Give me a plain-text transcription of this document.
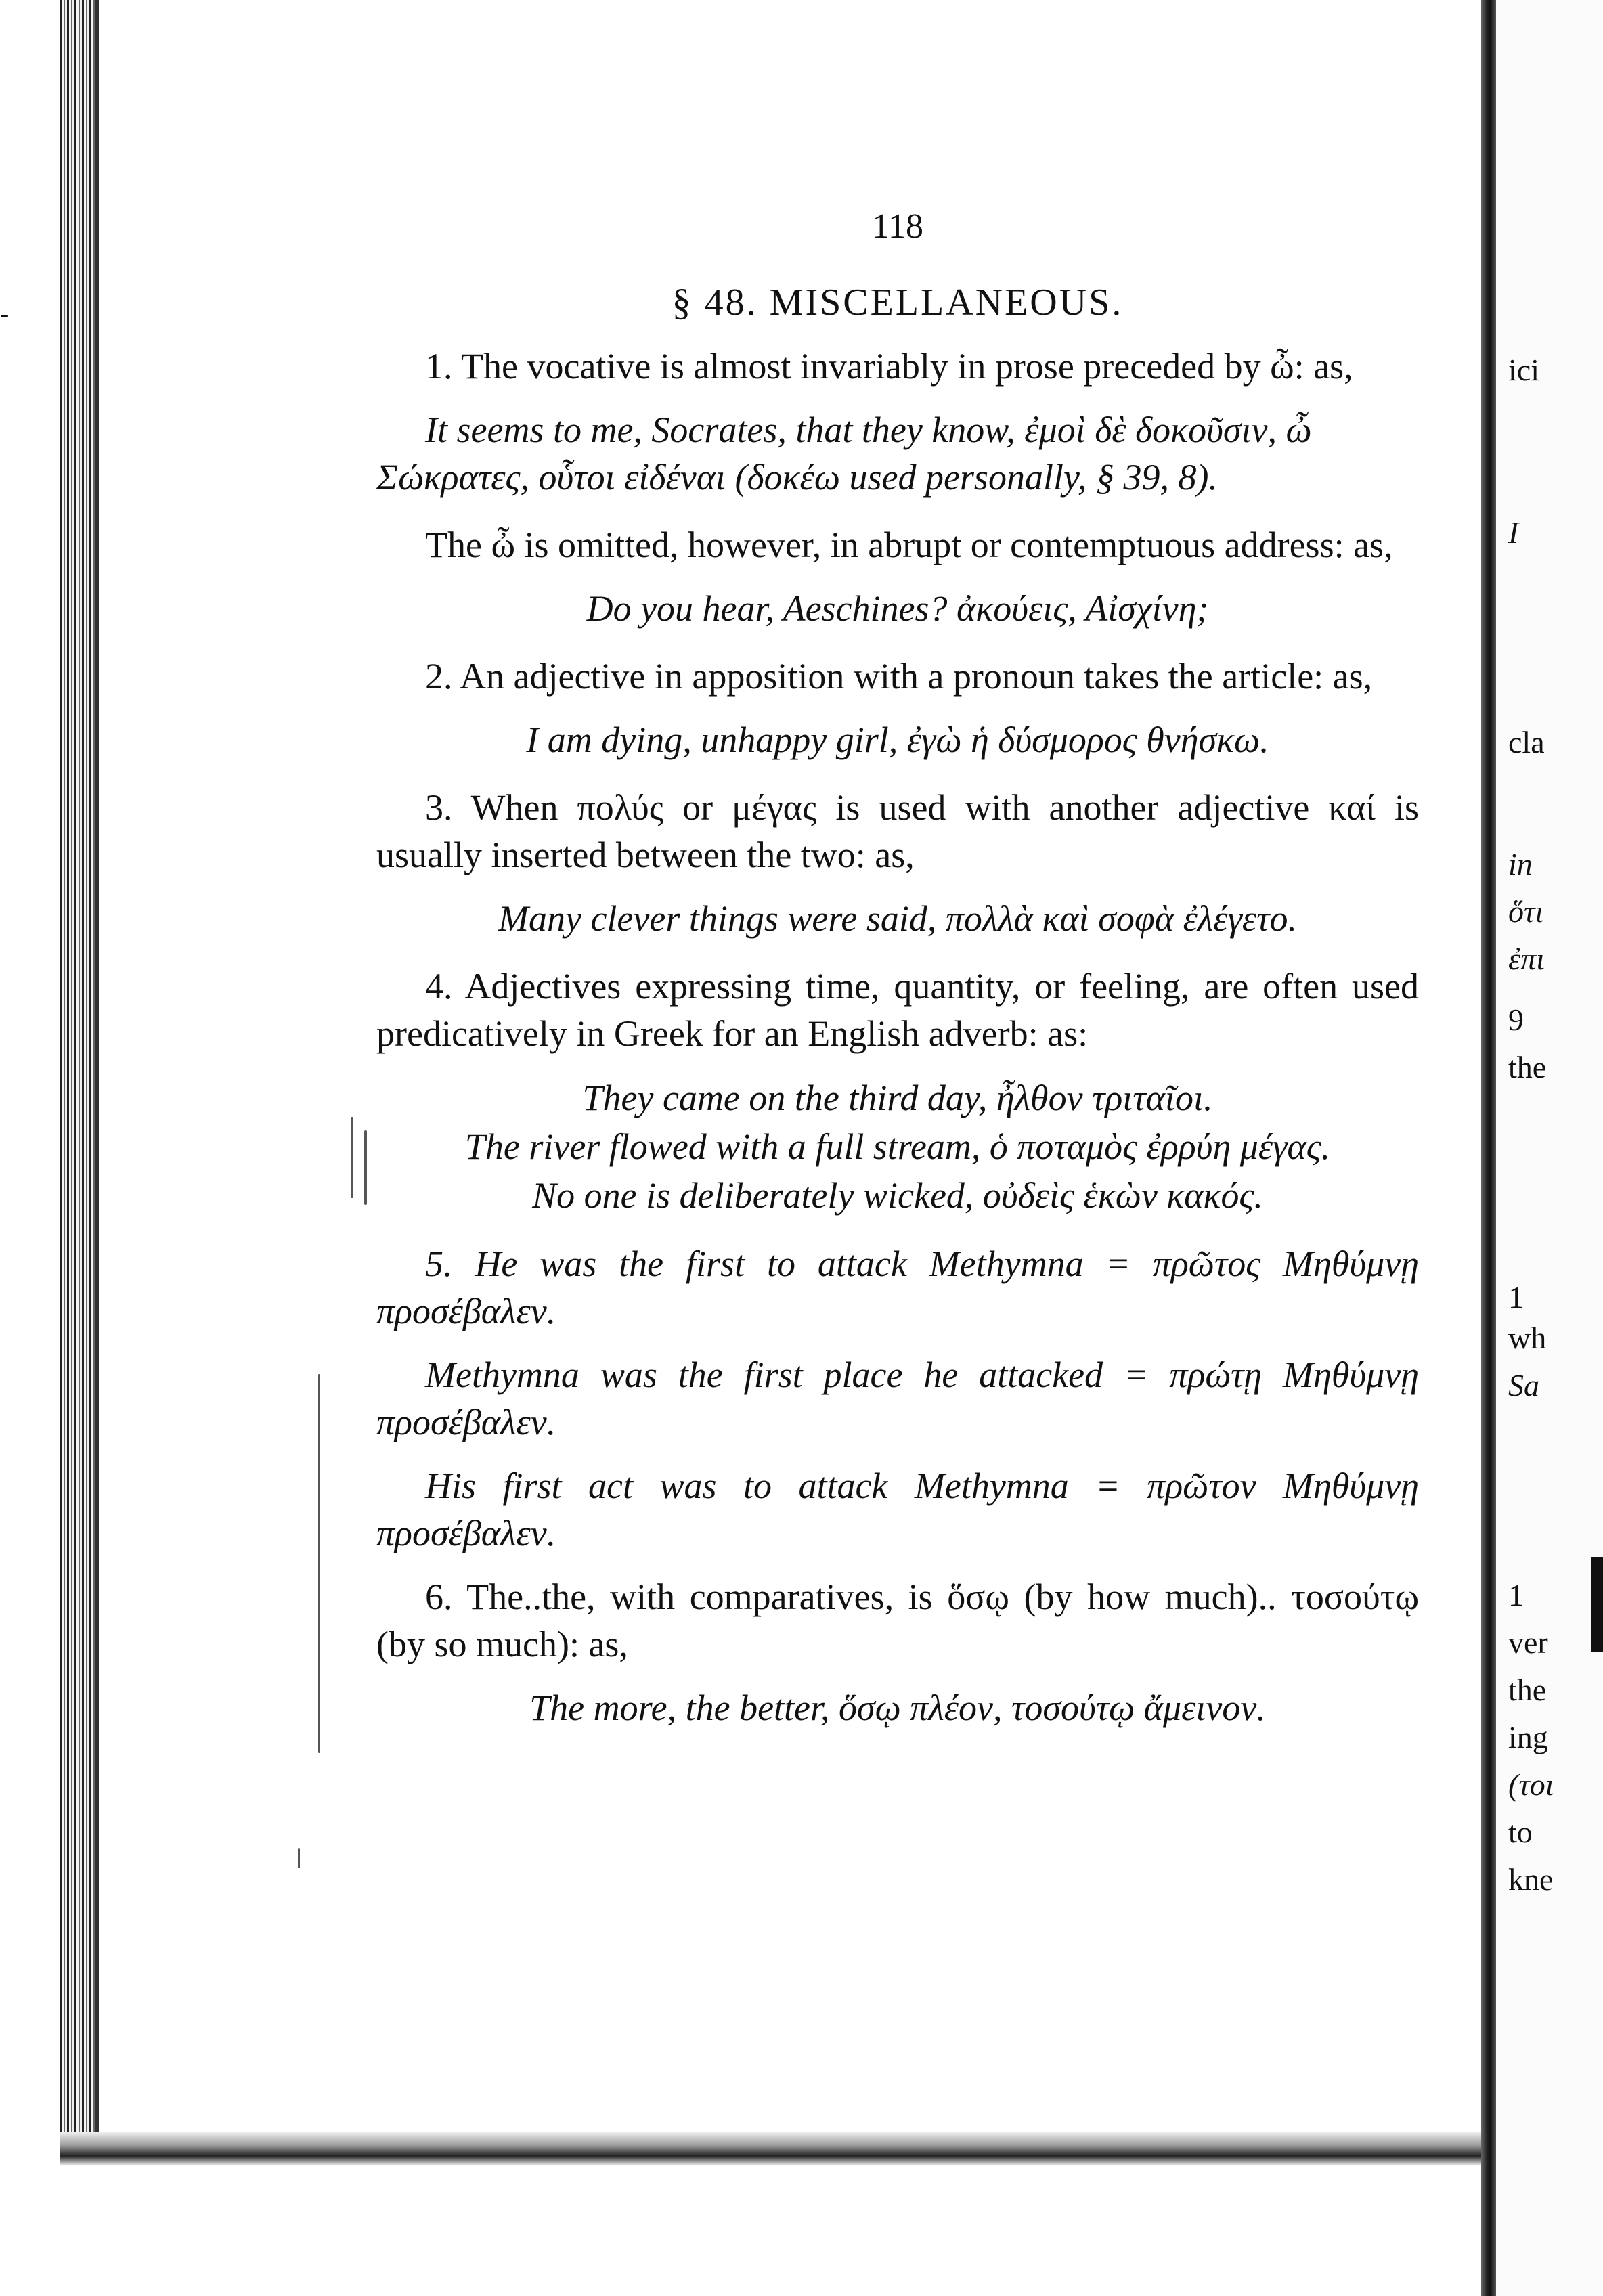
-
ici
I
cla
in
ὅτι
ἐπι
9
the
1
wh
Sa
1
ver
the
ing
(τοι
to
kne
118
§ 48. MISCELLANEOUS.
1. The vocative is almost invariably in prose preceded by ὦ: as,
It seems to me, Socrates, that they know, ἐμοὶ δὲ δοκοῦσιν, ὦ Σώκρατες, οὗτοι εἰδέναι (δοκέω used personally, § 39, 8).
The ὦ is omitted, however, in abrupt or contemptuous address: as,
Do you hear, Aeschines? ἀκούεις, Αἰσχίνη;
2. An adjective in apposition with a pronoun takes the article: as,
I am dying, unhappy girl, ἐγὼ ἡ δύσμορος θνήσκω.
3. When πολύς or μέγας is used with another adjective καί is usually inserted between the two: as,
Many clever things were said, πολλὰ καὶ σοφὰ ἐλέγετο.
4. Adjectives expressing time, quantity, or feeling, are often used predicatively in Greek for an English adverb: as:
They came on the third day, ἦλθον τριταῖοι.
The river flowed with a full stream, ὁ ποταμὸς ἐρρύη μέγας.
No one is deliberately wicked, οὐδεὶς ἑκὼν κακός.
5. He was the first to attack Methymna = πρῶτος Μηθύμνῃ προσέβαλεν.
Methymna was the first place he attacked = πρώτῃ Μηθύμνῃ προσέβαλεν.
His first act was to attack Methymna = πρῶτον Μηθύμνῃ προσέβαλεν.
6. The..the, with comparatives, is ὅσῳ (by how much).. τοσούτῳ (by so much): as,
The more, the better, ὅσῳ πλέον, τοσούτῳ ἄμεινον.
